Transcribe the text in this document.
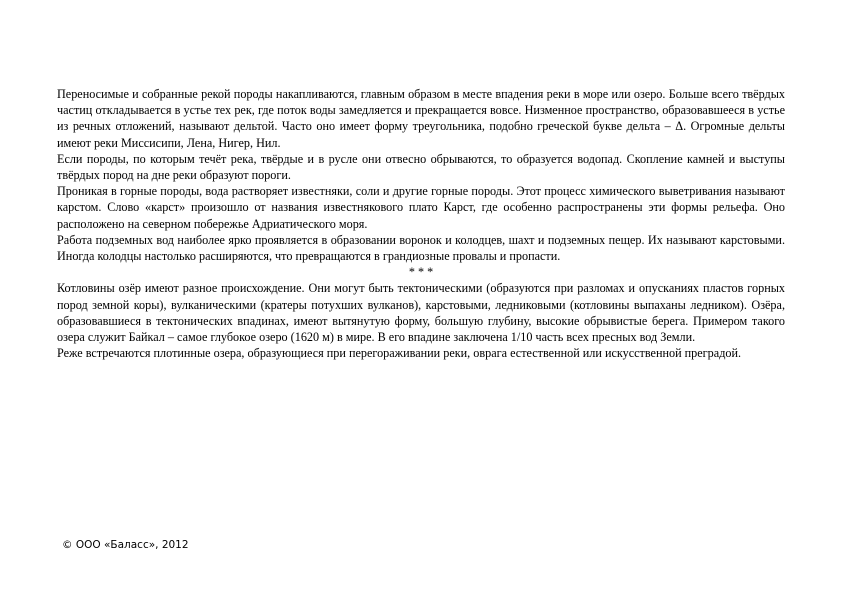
Переносимые и собранные рекой породы накапливаются, главным образом в месте впадения реки в море или озеро. Больше всего твёрдых частиц откладывается в устье тех рек, где поток воды замедляется и прекращается вовсе. Низменное пространство, образовавшееся в устье из речных отложений, называют дельтой. Часто оно имеет форму треугольника, подобно греческой букве дельта – Δ. Огромные дельты имеют реки Миссисипи, Лена, Нигер, Нил.

Если породы, по которым течёт река, твёрдые и в русле они отвесно обрываются, то образуется водопад. Скопление камней и выступы твёрдых пород на дне реки образуют пороги.

Проникая в горные породы, вода растворяет известняки, соли и другие горные породы. Этот процесс химического выветривания называют карстом. Слово «карст» произошло от названия известнякового плато Карст, где особенно распространены эти формы рельефа. Оно расположено на северном побережье Адриатического моря.

Работа подземных вод наиболее ярко проявляется в образовании воронок и колодцев, шахт и подземных пещер. Их называют карстовыми. Иногда колодцы настолько расширяются, что превращаются в грандиозные провалы и пропасти.

* * *

Котловины озёр имеют разное происхождение. Они могут быть тектоническими (образуются при разломах и опусканиях пластов горных пород земной коры), вулканическими (кратеры потухших вулканов), карстовыми, ледниковыми (котловины выпаханы ледником). Озёра, образовавшиеся в тектонических впадинах, имеют вытянутую форму, большую глубину, высокие обрывистые берега. Примером такого озера служит Байкал – самое глубокое озеро (1620 м) в мире. В его впадине заключена 1/10 часть всех пресных вод Земли.

Реже встречаются плотинные озера, образующиеся при перегораживании реки, оврага естественной или искусственной преградой.

© ООО «Баласс», 2012
